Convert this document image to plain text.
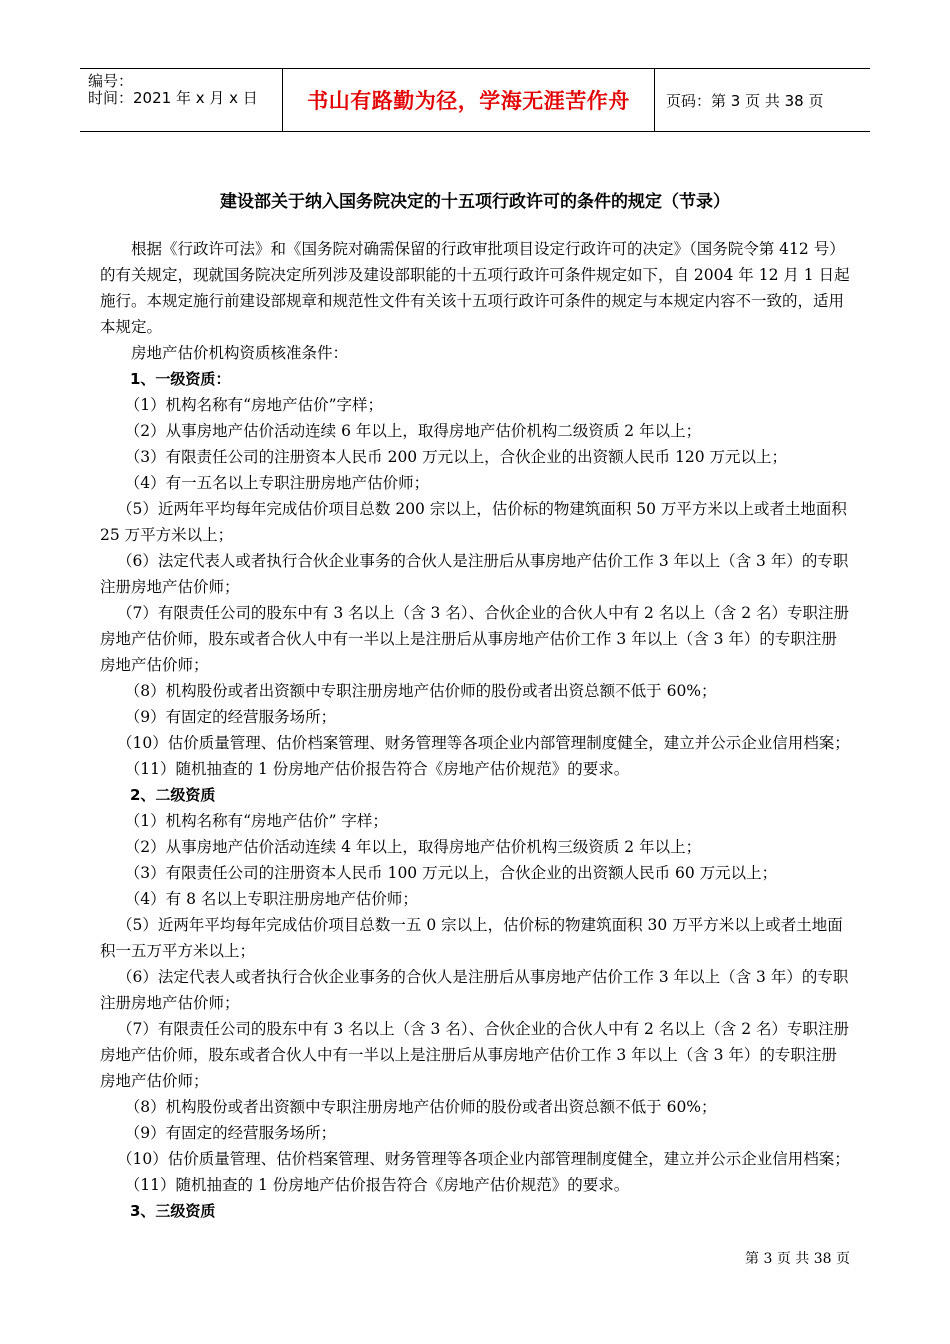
编号：
时间：2021 年 x 月 x 日	书山有路勤为径，学海无涯苦作舟	页码：第 3 页 共 38 页
建设部关于纳入国务院决定的十五项行政许可的条件的规定（节录）

根据《行政许可法》和《国务院对确需保留的行政审批项目设定行政许可的决定》（国务院令第 412 号）的有关规定，现就国务院决定所列涉及建设部职能的十五项行政许可条件规定如下，自 2004 年 12 月 1 日起施行。本规定施行前建设部规章和规范性文件有关该十五项行政许可条件的规定与本规定内容不一致的，适用本规定。

房地产估价机构资质核准条件：

1、一级资质：

（1）机构名称有“房地产估价”字样；

（2）从事房地产估价活动连续 6 年以上，取得房地产估价机构二级资质 2 年以上；

（3）有限责任公司的注册资本人民币 200 万元以上，合伙企业的出资额人民币 120 万元以上；

（4）有一五名以上专职注册房地产估价师；

（5）近两年平均每年完成估价项目总数 200 宗以上，估价标的物建筑面积 50 万平方米以上或者土地面积 25 万平方米以上；

（6）法定代表人或者执行合伙企业事务的合伙人是注册后从事房地产估价工作 3 年以上（含 3 年）的专职注册房地产估价师；

（7）有限责任公司的股东中有 3 名以上（含 3 名）、合伙企业的合伙人中有 2 名以上（含 2 名）专职注册房地产估价师，股东或者合伙人中有一半以上是注册后从事房地产估价工作 3 年以上（含 3 年）的专职注册房地产估价师；

（8）机构股份或者出资额中专职注册房地产估价师的股份或者出资总额不低于 60%；

（9）有固定的经营服务场所；

（10）估价质量管理、估价档案管理、财务管理等各项企业内部管理制度健全，建立并公示企业信用档案；

（11）随机抽查的 1 份房地产估价报告符合《房地产估价规范》的要求。

2、二级资质

（1）机构名称有“房地产估价” 字样；

（2）从事房地产估价活动连续 4 年以上，取得房地产估价机构三级资质 2 年以上；

（3）有限责任公司的注册资本人民币 100 万元以上，合伙企业的出资额人民币 60 万元以上；

（4）有 8 名以上专职注册房地产估价师；

（5）近两年平均每年完成估价项目总数一五 0 宗以上，估价标的物建筑面积 30 万平方米以上或者土地面积一五万平方米以上；

（6）法定代表人或者执行合伙企业事务的合伙人是注册后从事房地产估价工作 3 年以上（含 3 年）的专职注册房地产估价师；

（7）有限责任公司的股东中有 3 名以上（含 3 名）、合伙企业的合伙人中有 2 名以上（含 2 名）专职注册房地产估价师，股东或者合伙人中有一半以上是注册后从事房地产估价工作 3 年以上（含 3 年）的专职注册房地产估价师；

（8）机构股份或者出资额中专职注册房地产估价师的股份或者出资总额不低于 60%；

（9）有固定的经营服务场所；

（10）估价质量管理、估价档案管理、财务管理等各项企业内部管理制度健全，建立并公示企业信用档案；

（11）随机抽查的 1 份房地产估价报告符合《房地产估价规范》的要求。

3、三级资质

第 3 页 共 38 页
